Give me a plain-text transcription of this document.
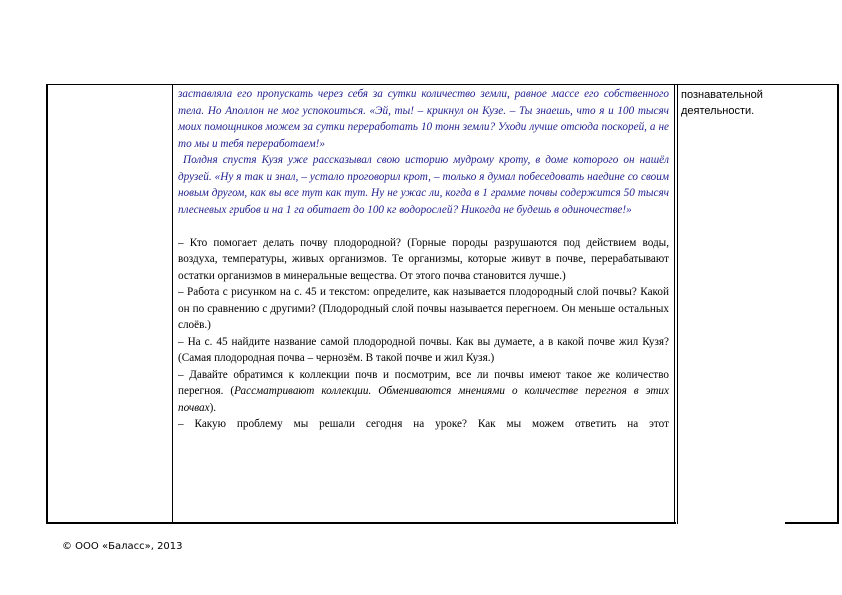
заставляла его пропускать через себя за сутки количество земли, равное массе его собственного тела. Но Аполлон не мог успокоиться. «Эй, ты! – крикнул он Кузе. – Ты знаешь, что я и 100 тысяч моих помощников можем за сутки переработать 10 тонн земли? Уходи лучше отсюда поскорей, а не то мы и тебя переработаем!»

Полдня спустя Кузя уже рассказывал свою историю мудрому кроту, в доме которого он нашёл друзей. «Ну я так и знал, – устало проговорил крот, – только я думал побеседовать наедине со своим новым другом, как вы все тут как тут. Ну не ужас ли, когда в 1 грамме почвы содержится 50 тысяч плесневых грибов и на 1 га обитает до 100 кг водорослей? Никогда не будешь в одиночестве!»

– Кто помогает делать почву плодородной? (Горные породы разрушаются под действием воды, воздуха, температуры, живых организмов. Те организмы, которые живут в почве, перерабатывают остатки организмов в минеральные вещества. От этого почва становится лучше.)

– Работа с рисунком на с. 45 и текстом: определите, как называется плодородный слой почвы? Какой он по сравнению с другими? (Плодородный слой почвы называется перегноем. Он меньше остальных слоёв.)

– На с. 45 найдите название самой плодородной почвы. Как вы думаете, а в какой почве жил Кузя? (Самая плодородная почва – чернозём. В такой почве и жил Кузя.)

– Давайте обратимся к коллекции почв и посмотрим, все ли почвы имеют такое же количество перегноя. (Рассматривают коллекции. Обмениваются мнениями о количестве перегноя в этих почвах).

– Какую проблему мы решали сегодня на уроке? Как мы можем ответить на этот

познавательной деятельности.
© ООО «Баласс», 2013
